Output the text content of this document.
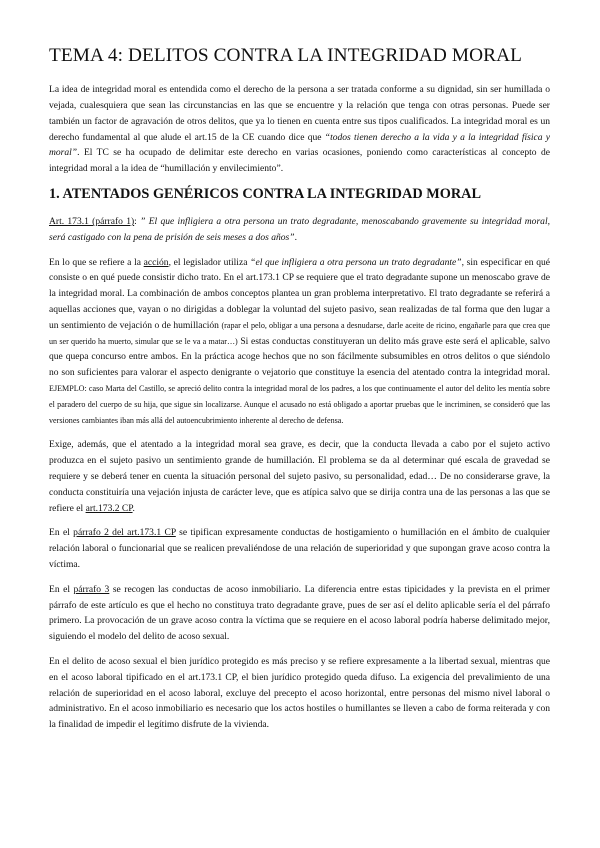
TEMA 4: DELITOS CONTRA LA INTEGRIDAD MORAL

La idea de integridad moral es entendida como el derecho de la persona a ser tratada conforme a su dignidad, sin ser humillada o vejada, cualesquiera que sean las circunstancias en las que se encuentre y la relación que tenga con otras personas. Puede ser también un factor de agravación de otros delitos, que ya lo tienen en cuenta entre sus tipos cualificados. La integridad moral es un derecho fundamental al que alude el art.15 de la CE cuando dice que “todos tienen derecho a la vida y a la integridad física y moral”. El TC se ha ocupado de delimitar este derecho en varias ocasiones, poniendo como características al concepto de integridad moral a la idea de “humillación y envilecimiento”.

1. ATENTADOS GENÉRICOS CONTRA LA INTEGRIDAD MORAL

Art. 173.1 (párrafo 1): ” El que infligiera a otra persona un trato degradante, menoscabando gravemente su integridad moral, será castigado con la pena de prisión de seis meses a dos años”.

En lo que se refiere a la acción, el legislador utiliza “el que infligiera a otra persona un trato degradante”, sin especificar en qué consiste o en qué puede consistir dicho trato. En el art.173.1 CP se requiere que el trato degradante supone un menoscabo grave de la integridad moral. La combinación de ambos conceptos plantea un gran problema interpretativo. El trato degradante se referirá a aquellas acciones que, vayan o no dirigidas a doblegar la voluntad del sujeto pasivo, sean realizadas de tal forma que den lugar a un sentimiento de vejación o de humillación (rapar el pelo, obligar a una persona a desnudarse, darle aceite de ricino, engañarle para que crea que un ser querido ha muerto, simular que se le va a matar…) Si estas conductas constituyeran un delito más grave este será el aplicable, salvo que quepa concurso entre ambos. En la práctica acoge hechos que no son fácilmente subsumibles en otros delitos o que siéndolo no son suficientes para valorar el aspecto denigrante o vejatorio que constituye la esencia del atentado contra la integridad moral. EJEMPLO: caso Marta del Castillo, se apreció delito contra la integridad moral de los padres, a los que continuamente el autor del delito les mentía sobre el paradero del cuerpo de su hija, que sigue sin localizarse. Aunque el acusado no está obligado a aportar pruebas que le incriminen, se consideró que las versiones cambiantes iban más allá del autoencubrimiento inherente al derecho de defensa.

Exige, además, que el atentado a la integridad moral sea grave, es decir, que la conducta llevada a cabo por el sujeto activo produzca en el sujeto pasivo un sentimiento grande de humillación. El problema se da al determinar qué escala de gravedad se requiere y se deberá tener en cuenta la situación personal del sujeto pasivo, su personalidad, edad… De no considerarse grave, la conducta constituiría una vejación injusta de carácter leve, que es atípica salvo que se dirija contra una de las personas a las que se refiere el art.173.2 CP.

En el párrafo 2 del art.173.1 CP se tipifican expresamente conductas de hostigamiento o humillación en el ámbito de cualquier relación laboral o funcionarial que se realicen prevaliéndose de una relación de superioridad y que supongan grave acoso contra la víctima.

En el párrafo 3 se recogen las conductas de acoso inmobiliario. La diferencia entre estas tipicidades y la prevista en el primer párrafo de este artículo es que el hecho no constituya trato degradante grave, pues de ser así el delito aplicable sería el del párrafo primero. La provocación de un grave acoso contra la víctima que se requiere en el acoso laboral podría haberse delimitado mejor, siguiendo el modelo del delito de acoso sexual.

En el delito de acoso sexual el bien jurídico protegido es más preciso y se refiere expresamente a la libertad sexual, mientras que en el acoso laboral tipificado en el art.173.1 CP, el bien jurídico protegido queda difuso. La exigencia del prevalimiento de una relación de superioridad en el acoso laboral, excluye del precepto el acoso horizontal, entre personas del mismo nivel laboral o administrativo. En el acoso inmobiliario es necesario que los actos hostiles o humillantes se lleven a cabo de forma reiterada y con la finalidad de impedir el legítimo disfrute de la vivienda.
